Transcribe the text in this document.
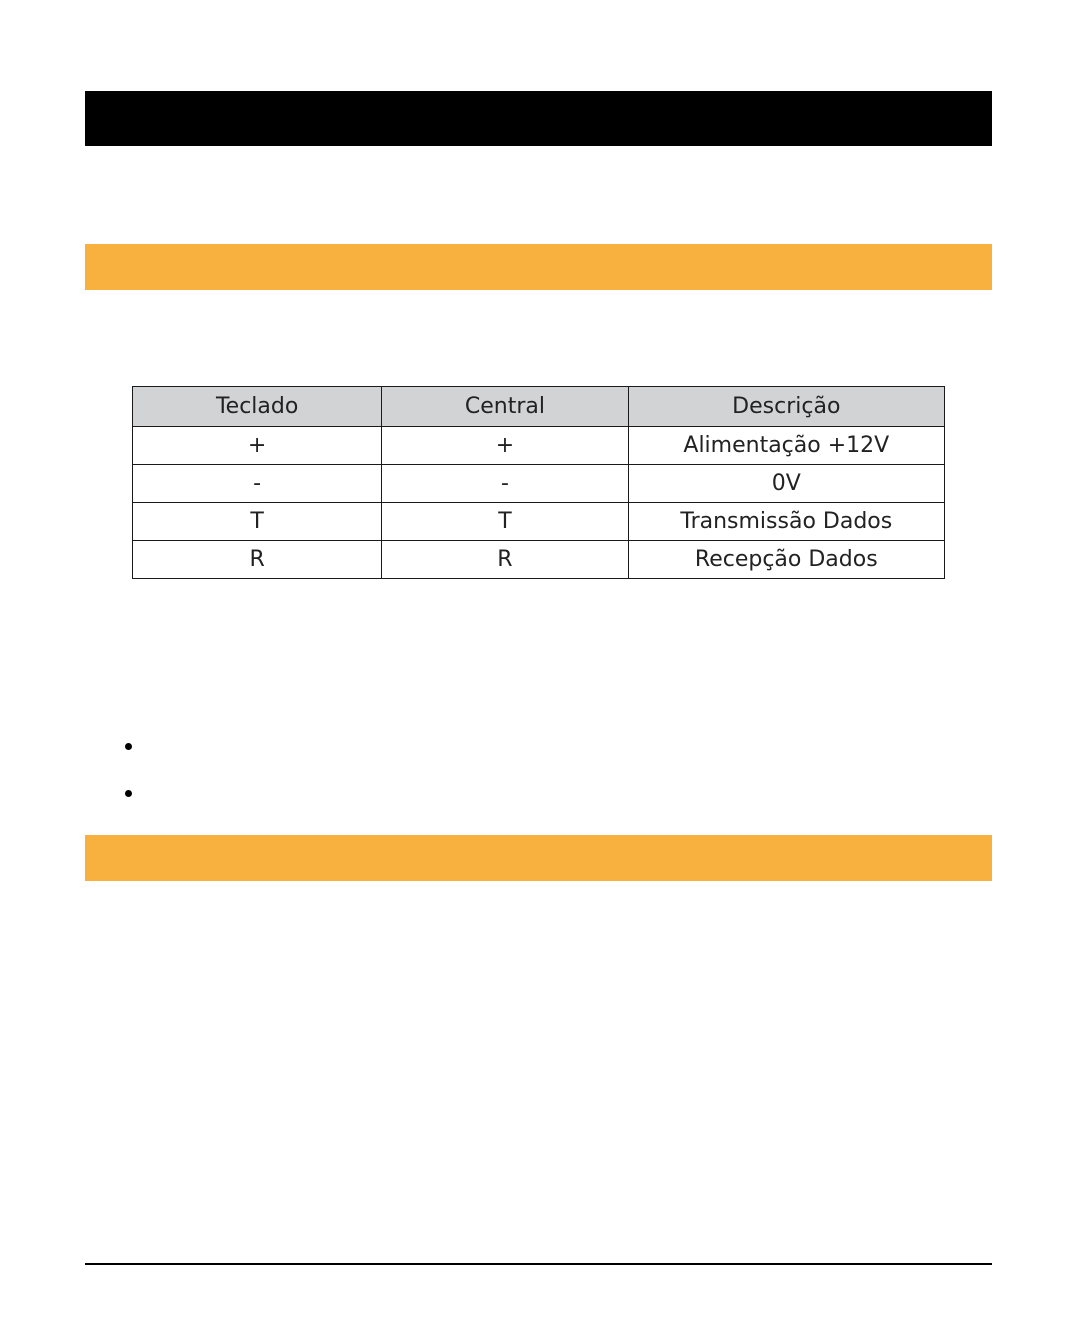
Teclado	Central	Descrição
+	+	Alimentação +12V
-	-	0V
T	T	Transmissão Dados
R	R	Recepção Dados
